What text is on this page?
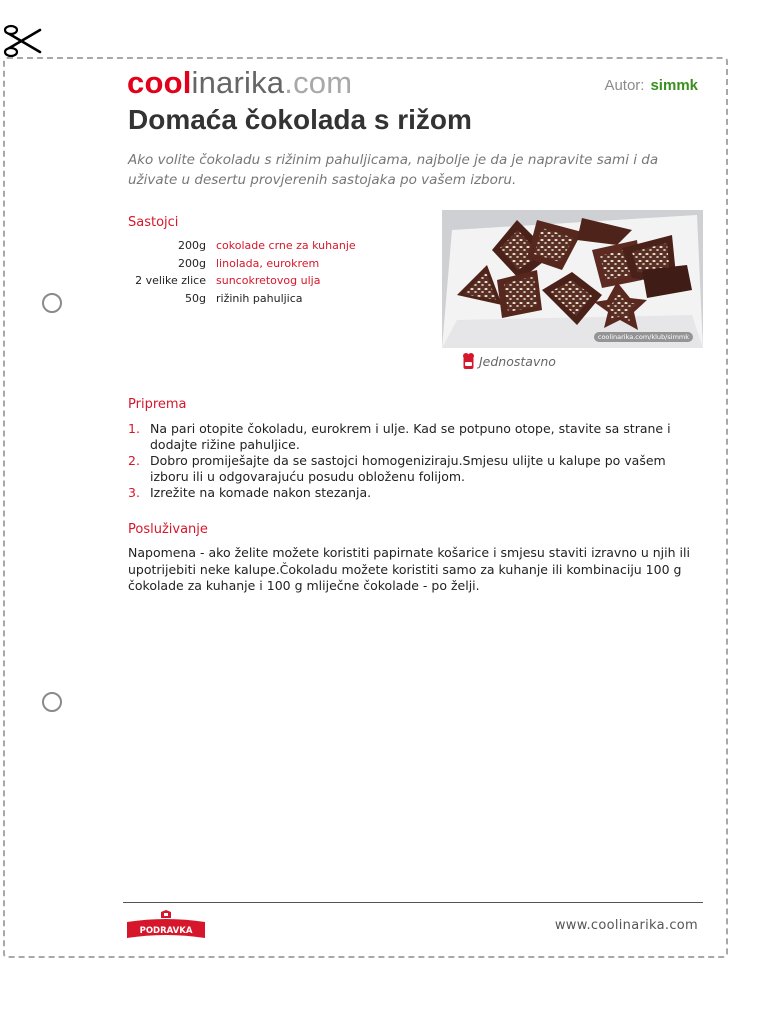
coolinarika.com	Autor: simmk
Domaća čokolada s rižom

Ako volite čokoladu s rižinim pahuljicama, najbolje je da je napravite sami i da uživate u desertu provjerenih sastojaka po vašem izboru.

Sastojci
200g cokolade crne za kuhanje
200g linolada, eurokrem
2 velike zlice suncokretovog ulja
50g rižinih pahuljica
coolinarika.com/klub/simmk
Jednostavno
Priprema
1. Na pari otopite čokoladu, eurokrem i ulje. Kad se potpuno otope, stavite sa strane i dodajte rižine pahuljice.
2. Dobro promiješajte da se sastojci homogeniziraju.Smjesu ulijte u kalupe po vašem izboru ili u odgovarajuću posudu obloženu folijom.
3. Izrežite na komade nakon stezanja.
Posluživanje

Napomena - ako želite možete koristiti papirnate košarice i smjesu staviti izravno u njih ili upotrijebiti neke kalupe.Čokoladu možete koristiti samo za kuhanje ili kombinaciju 100 g čokolade za kuhanje i 100 g mliječne čokolade - po želji.

PODRAVKA	www.coolinarika.com
